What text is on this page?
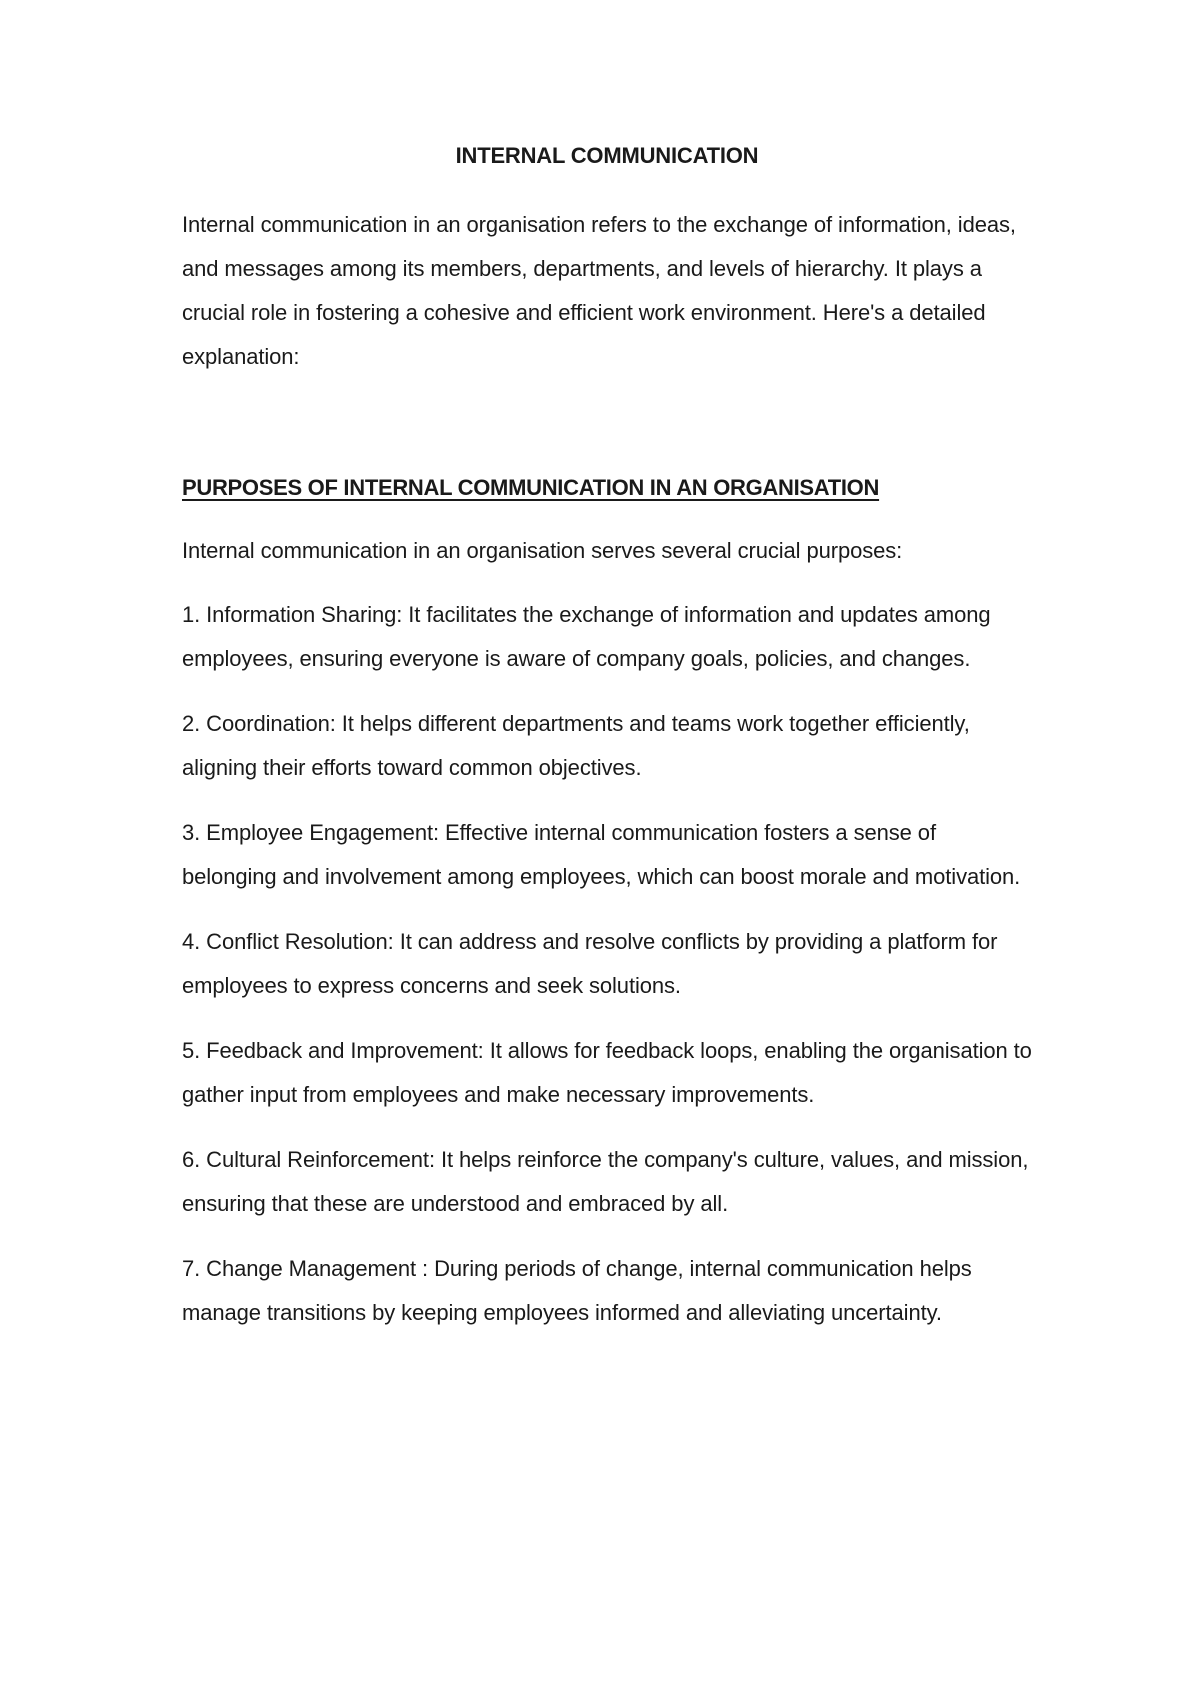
INTERNAL COMMUNICATION

Internal communication in an organisation refers to the exchange of information, ideas, and messages among its members, departments, and levels of hierarchy. It plays a crucial role in fostering a cohesive and efficient work environment. Here's a detailed explanation:

PURPOSES OF INTERNAL COMMUNICATION IN AN ORGANISATION

Internal communication in an organisation serves several crucial purposes:

1. Information Sharing: It facilitates the exchange of information and updates among employees, ensuring everyone is aware of company goals, policies, and changes.
2. Coordination: It helps different departments and teams work together efficiently, aligning their efforts toward common objectives.
3. Employee Engagement: Effective internal communication fosters a sense of belonging and involvement among employees, which can boost morale and motivation.
4. Conflict Resolution: It can address and resolve conflicts by providing a platform for employees to express concerns and seek solutions.
5. Feedback and Improvement: It allows for feedback loops, enabling the organisation to gather input from employees and make necessary improvements.
6. Cultural Reinforcement: It helps reinforce the company's culture, values, and mission, ensuring that these are understood and embraced by all.
7. Change Management : During periods of change, internal communication helps manage transitions by keeping employees informed and alleviating uncertainty.
